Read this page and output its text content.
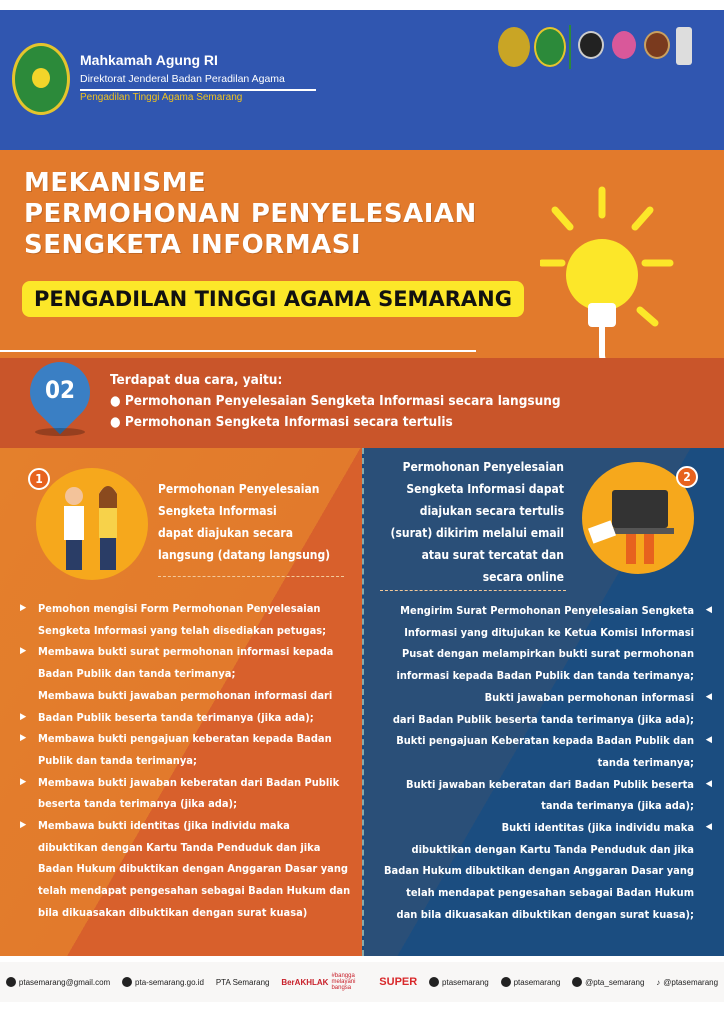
Mahkamah Agung RI
Direktorat Jenderal Badan Peradilan Agama
Pengadilan Tinggi Agama Semarang
MEKANISME
PERMOHONAN PENYELESAIAN
SENGKETA INFORMASI
PENGADILAN TINGGI AGAMA SEMARANG
02	Terdapat dua cara, yaitu:
● Permohonan Penyelesaian Sengketa Informasi secara langsung
● Permohonan Sengketa Informasi secara tertulis
1
Permohonan Penyelesaian
Sengketa Informasi
dapat diajukan secara
langsung (datang langsung)
2
Permohonan Penyelesaian
Sengketa Informasi dapat
diajukan secara tertulis
(surat) dikirim melalui email
atau surat tercatat dan
secara online
▶ Pemohon mengisi Form Permohonan Penyelesaian
Sengketa Informasi yang telah disediakan petugas;
▶ Membawa bukti surat permohonan informasi kepada
Badan Publik dan tanda terimanya;
Membawa bukti jawaban permohonan informasi dari
▶ Badan Publik beserta tanda terimanya (jika ada);
▶ Membawa bukti pengajuan keberatan kepada Badan
Publik dan tanda terimanya;
▶ Membawa bukti jawaban keberatan dari Badan Publik
beserta tanda terimanya (jika ada);
▶ Membawa bukti identitas (jika individu maka
dibuktikan dengan Kartu Tanda Penduduk dan jika
Badan Hukum dibuktikan dengan Anggaran Dasar yang
telah mendapat pengesahan sebagai Badan Hukum dan
bila dikuasakan dibuktikan dengan surat kuasa)
Mengirim Surat Permohonan Penyelesaian Sengketa ◀
Informasi yang ditujukan ke Ketua Komisi Informasi
Pusat dengan melampirkan bukti surat permohonan
informasi kepada Badan Publik dan tanda terimanya;
Bukti jawaban permohonan informasi ◀
dari Badan Publik beserta tanda terimanya (jika ada);
Bukti pengajuan Keberatan kepada Badan Publik dan ◀
tanda terimanya;
Bukti jawaban keberatan dari Badan Publik beserta ◀
tanda terimanya (jika ada);
Bukti identitas (jika individu maka ◀
dibuktikan dengan Kartu Tanda Penduduk dan jika
Badan Hukum dibuktikan dengan Anggaran Dasar yang
telah mendapat pengesahan sebagai Badan Hukum
dan bila dikuasakan dibuktikan dengan surat kuasa);
ptasemarang@gmail.com	pta-semarang.go.id PTA Semarang BerAKHLAK
#bangga melayani bangsa	SUPER	ptasemarang	ptasemarang	@pta_semarang ♪ @ptasemarang
